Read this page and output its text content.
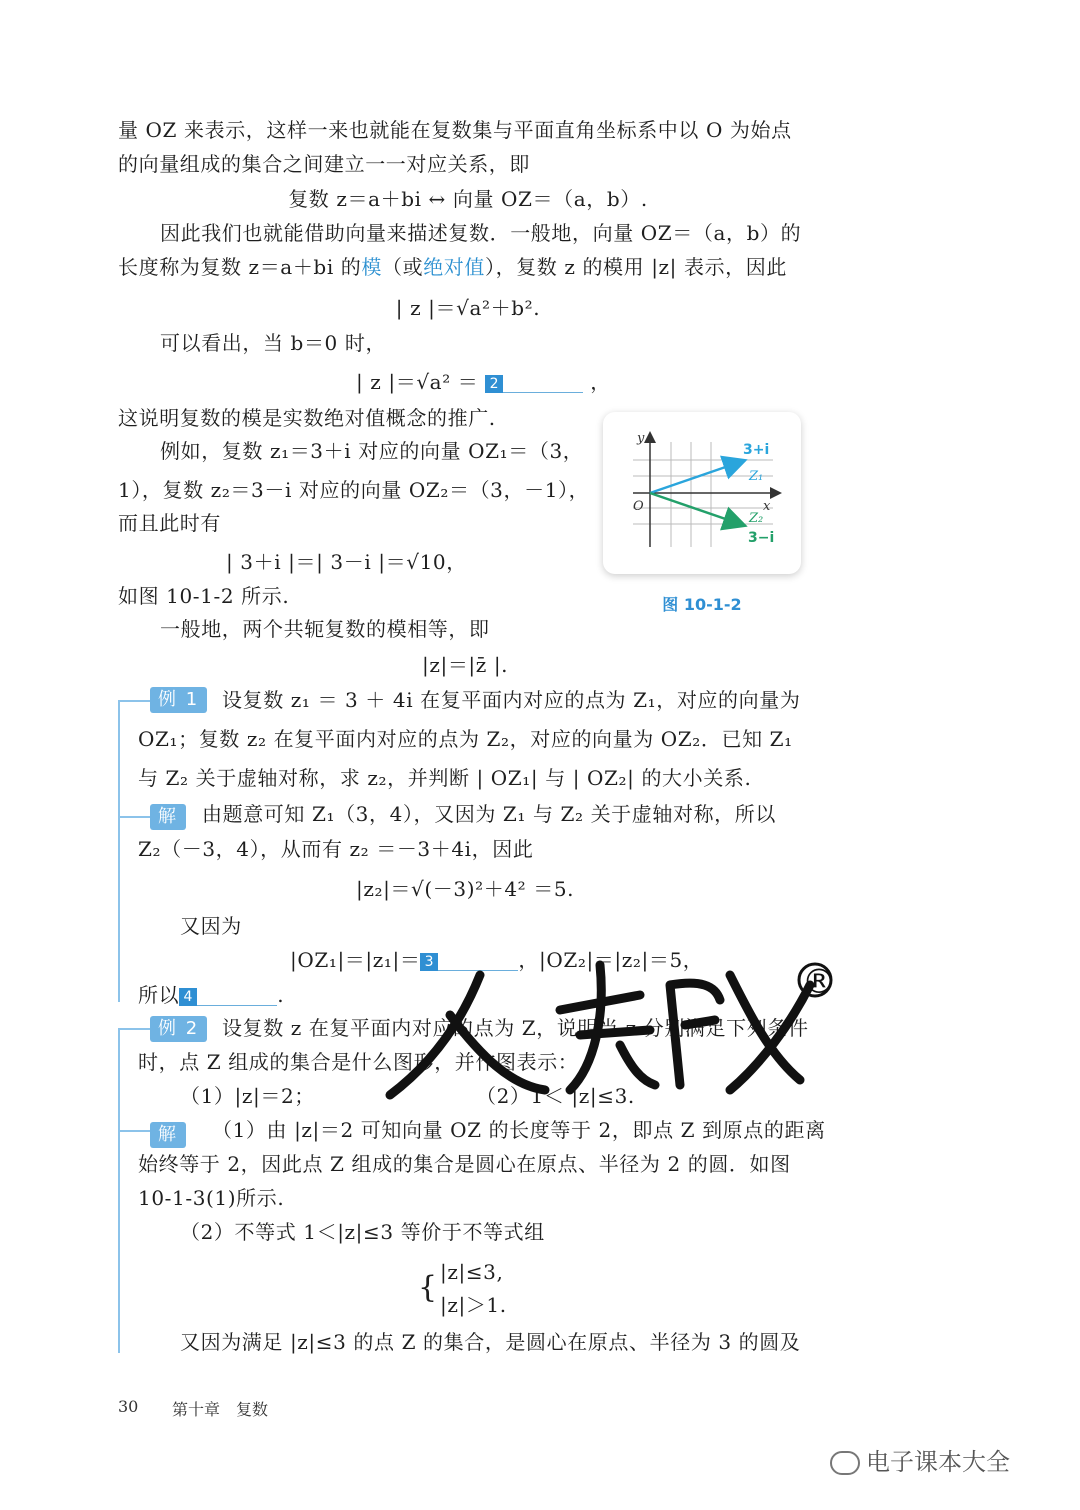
量 OZ 来表示，这样一来也就能在复数集与平面直角坐标系中以 O 为始点
的向量组成的集合之间建立一一对应关系，即
复数 z＝a＋bi ↔ 向量 OZ＝（a，b）.
因此我们也就能借助向量来描述复数．一般地，向量 OZ＝（a，b）的
长度称为复数 z＝a＋bi 的模（或绝对值），复数 z 的模用 |z| 表示，因此
| z |＝√a²＋b².
可以看出，当 b＝0 时，
| z |＝√a² ＝ 2	，
这说明复数的模是实数绝对值概念的推广.
例如，复数 z₁＝3＋i 对应的向量 OZ₁＝（3，
1），复数 z₂＝3－i 对应的向量 OZ₂＝（3，－1），
而且此时有
| 3＋i |＝| 3－i |＝√10，
如图 10-1-2 所示.
一般地，两个共轭复数的模相等，即
|z|＝|z̄ |.
y
x
O
3+i
Z₁
Z₂
3−i
图 10-1-2
例 1	设复数 z₁ ＝ 3 ＋ 4i 在复平面内对应的点为 Z₁，对应的向量为
OZ₁；复数 z₂ 在复平面内对应的点为 Z₂，对应的向量为 OZ₂．已知 Z₁
与 Z₂ 关于虚轴对称，求 z₂，并判断 | OZ₁| 与 | OZ₂| 的大小关系.
解	由题意可知 Z₁（3，4），又因为 Z₁ 与 Z₂ 关于虚轴对称，所以
Z₂（－3，4），从而有 z₂ ＝－3＋4i，因此
|z₂|＝√(－3)²＋4² ＝5.
又因为
|OZ₁|＝|z₁|＝ 3	，|OZ₂|＝|z₂|＝5，
所以 4	.
例 2	设复数 z 在复平面内对应的点为 Z，说明当 z 分别满足下列条件
时，点 Z 组成的集合是什么图形，并作图表示：
（1）|z|＝2；	（2）1＜ |z|≤3.
解	（1）由 |z|＝2 可知向量 OZ 的长度等于 2，即点 Z 到原点的距离
始终等于 2，因此点 Z 组成的集合是圆心在原点、半径为 2 的圆．如图
10-1-3(1)所示.
（2）不等式 1＜|z|≤3 等价于不等式组
{ |z|≤3,
|z|＞1.
又因为满足 |z|≤3 的点 Z 的集合，是圆心在原点、半径为 3 的圆及
30 第十章　复数
®
电子课本大全
